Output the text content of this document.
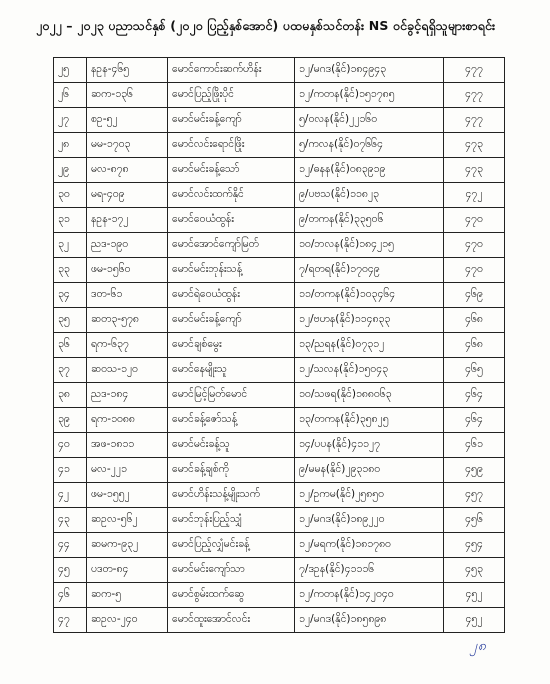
၂၀၂၂ – ၂၀၂၃ ပညာသင်နှစ် (၂၀၂၀ ပြည့်နှစ်အောင်) ပထမနှစ်သင်တန်း NS ဝင်ခွင့်ရရှိသူများစာရင်း
၂၅	နဥန-၄၆၅	မောင်ကောင်းဆက်ဟိန်း	၁၂/မဂဒ(နိုင်)၁၈၄၉၄၃	၄၇၇
၂၆	ဆက-၁၃၆	မောင်ပြည့်ဖြိုးပိုင်	၁၂/ကတန(နိုင်)၁၅၁၇၈၅	၄၇၇
၂၇	စဥ-၅၂	မောင်မင်းခန့်ကျော်	၅/ဝလန(နိုင်)၂၂၁၆၀	၄၇၇
၂၈	မမ-၁၇၀၃	မောင်လင်းရောင်ဖြိုး	၅/ကလန(နိုင်)၀၇၆၆၄	၄၇၃
၂၉	မလ-၈၇၈	မောင်မင်းခန့်သော်	၁၂/ဓနန(နိုင်)၀၈၃၉၁၉	၄၇၃
၃၀	မရ-၄၀၉	မောင်လင်းထက်နိုင်	၉/ပဗသ(နိုင်)၁၁၈၂၃	၄၇၂
၃၁	နဥန-၁၇၂	မောင်ဝေယံထွန်း	၉/တကန(နိုင်)၃၃၅၀၆	၄၇၀
၃၂	ညဒ-၁၉၀	မောင်အောင်ကျော်မြတ်	၁၀/ဘလန(နိုင်)၁၈၄၂၁၅	၄၇၀
၃၃	ဖမ-၁၅၆၀	မောင်မင်းဘုန်းသန့်	၇/ရတရ(နိုင်)၁၇၀၄၉	၄၇၀
၃၄	ဒတ-၆၁	မောင်ရဲဝေယံထွန်း	၁၁/တကန(နိုင်)၁၀၃၄၆၄	၄၆၉
၃၅	ဆတ၃-၅၇၈	မောင်မင်းခန့်ကျော်	၁၂/ဗဟန(နိုင်)၁၁၄၈၃၃	၄၆၈
၃၆	ရက-၆၃၇	မောင်ချစ်မွေး	၁၃/ညရန(နိုင်)၀၇၃၁၂	၄၆၈
၃၇	ဆဝသ-၁၂၀	မောင်နေမျိုးသူ	၁၂/သလန(နိုင်)၁၅၀၄၃	၄၆၅
၃၈	ညဒ-၁၈၄	မောင်မြင့်မြတ်မောင်	၁၀/သဖရ(နိုင်)၁၈၈၀၆၃	၄၆၄
၃၉	ရက-၁၀၈၈	မောင်ခန့်ဇော်သန့်	၁၃/တကန(နိုင်)၃၅၈၂၅	၄၆၄
၄၀	အဖ-၁၈၁၁	မောင်မင်းခန့်သူ	၁၄/ပပန(နိုင်)၄၁၁၂၇	၄၆၁
၄၁	မလ-၂၂၁	မောင်ခန့်ချစ်ကို	၉/မမန(နိုင်)၂၉၃၁၈၀	၄၅၉
၄၂	ဖမ-၁၅၅၂	မောင်ဟိန်းသန့်မျိုးသက်	၁၂/ဥကမ(နိုင်)၂၅၈၅၀	၄၅၇
၄၃	ဆဥလ-၅၆၂	မောင်ဘုန်းပြည့်သျှံ	၁၂/မဂဒ(နိုင်)၁၈၉၂၂၀	၄၅၆
၄၄	ဆမက-၉၃၂	မောင်ပြည့်လျှံမင်းခန့်	၁၂/မရက(နိုင်)၁၈၁၇၈၀	၄၅၄
၄၅	ပဒတ-၈၄	မောင်မင်းကျော်သာ	၇/ဒဥန(နိုင်)၄၁၁၁၆	၄၅၃
၄၆	ဆက-၅	မောင်စွမ်းထက်ဆွေ	၁၂/ကတန(နိုင်)၁၄၂၀၄၀	၄၅၂
၄၇	ဆဥလ-၂၄၀	မောင်ထူးအောင်လင်း	၁၂/မဂဒ(နိုင်)၁၈၅၈၉၈	၄၅၂
၂၈
